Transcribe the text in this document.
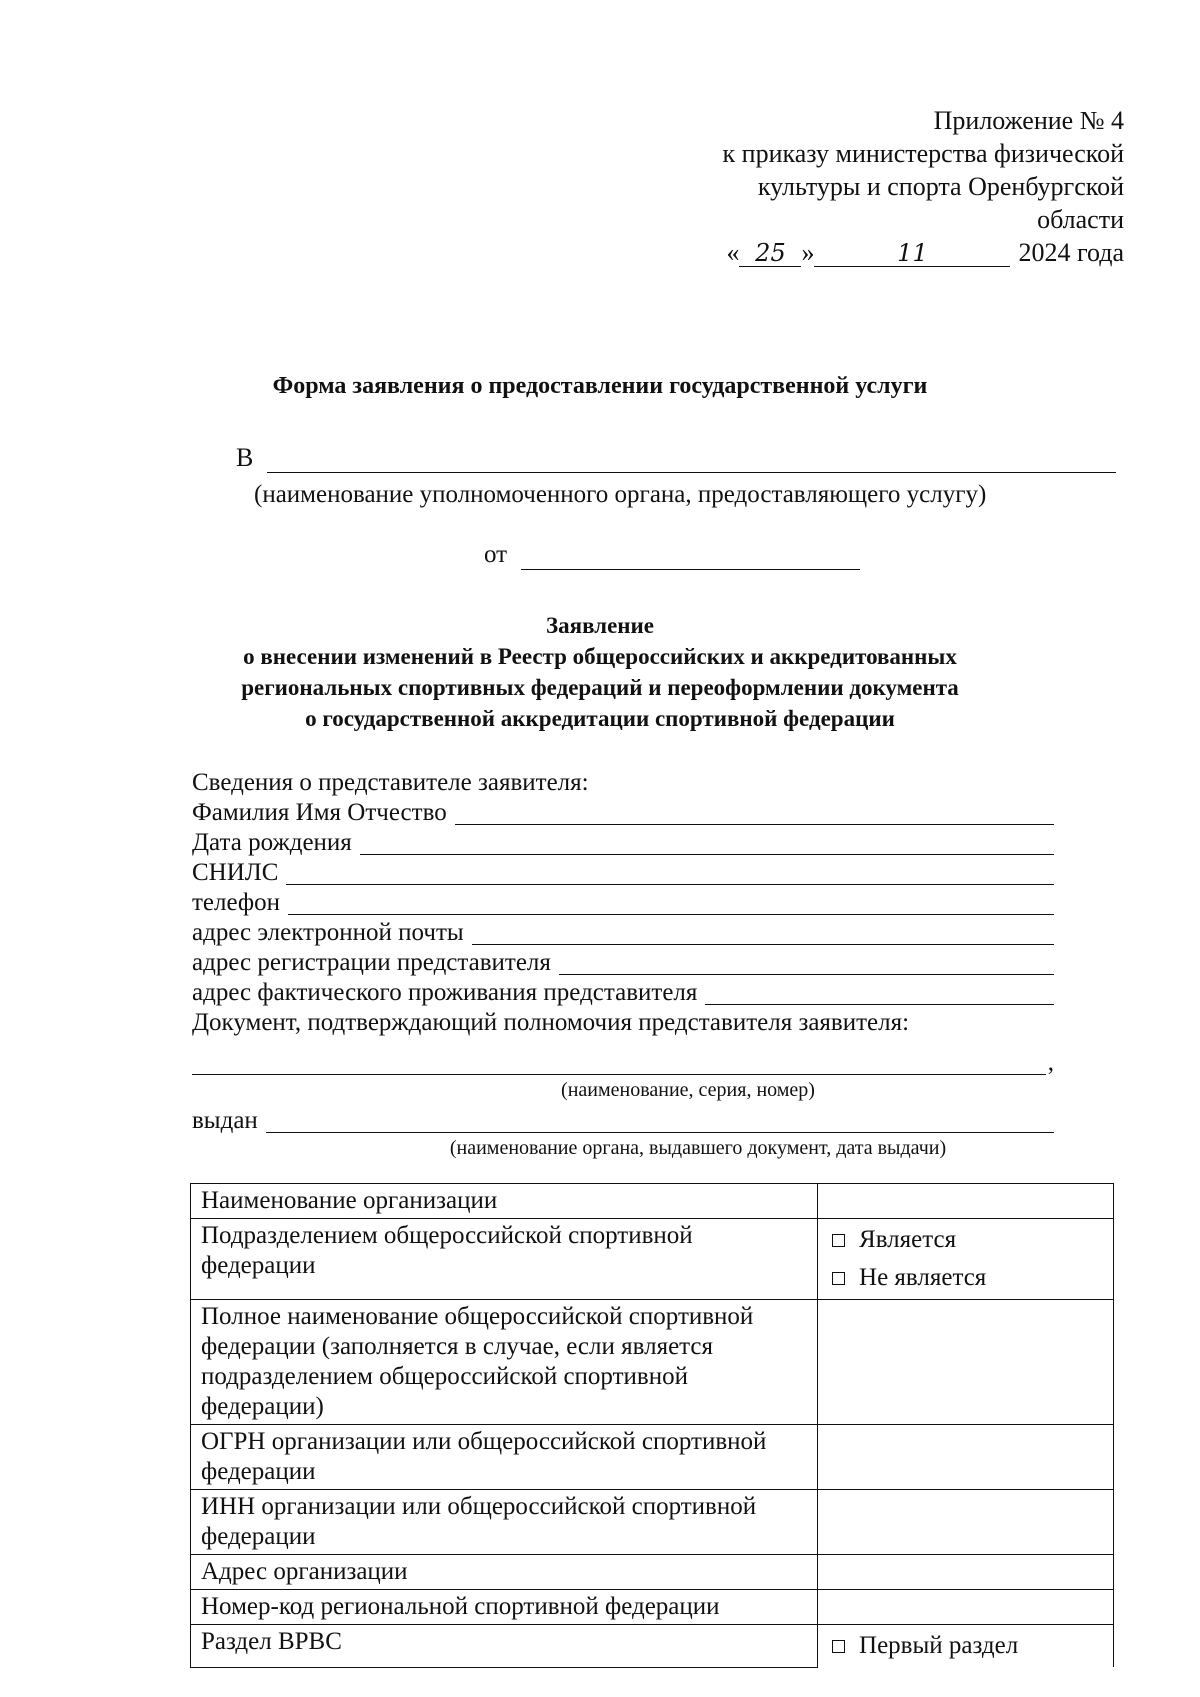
Приложение № 4
к приказу министерства физической
культуры и спорта Оренбургской
области
« 25 »	11	2024 года
Форма заявления о предоставлении государственной услуги
В
(наименование уполномоченного органа, предоставляющего услугу)
от
Заявление
о внесении изменений в Реестр общероссийских и аккредитованных
региональных спортивных федераций и переоформлении документа
о государственной аккредитации спортивной федерации
Сведения о представителе заявителя:
Фамилия Имя Отчество
Дата рождения
СНИЛС
телефон
адрес электронной почты
адрес регистрации представителя
адрес фактического проживания представителя
Документ, подтверждающий полномочия представителя заявителя:
,
(наименование, серия, номер)
выдан
(наименование органа, выдавшего документ, дата выдачи)
Наименование организации	
Подразделением общероссийской спортивной федерации	Является
Не является

Полное наименование общероссийской спортивной федерации (заполняется в случае, если является подразделением общероссийской спортивной федерации)	
ОГРН организации или общероссийской спортивной федерации	
ИНН организации или общероссийской спортивной федерации	
Адрес организации	
Номер-код региональной спортивной федерации	
Раздел ВРВС	Первый раздел
